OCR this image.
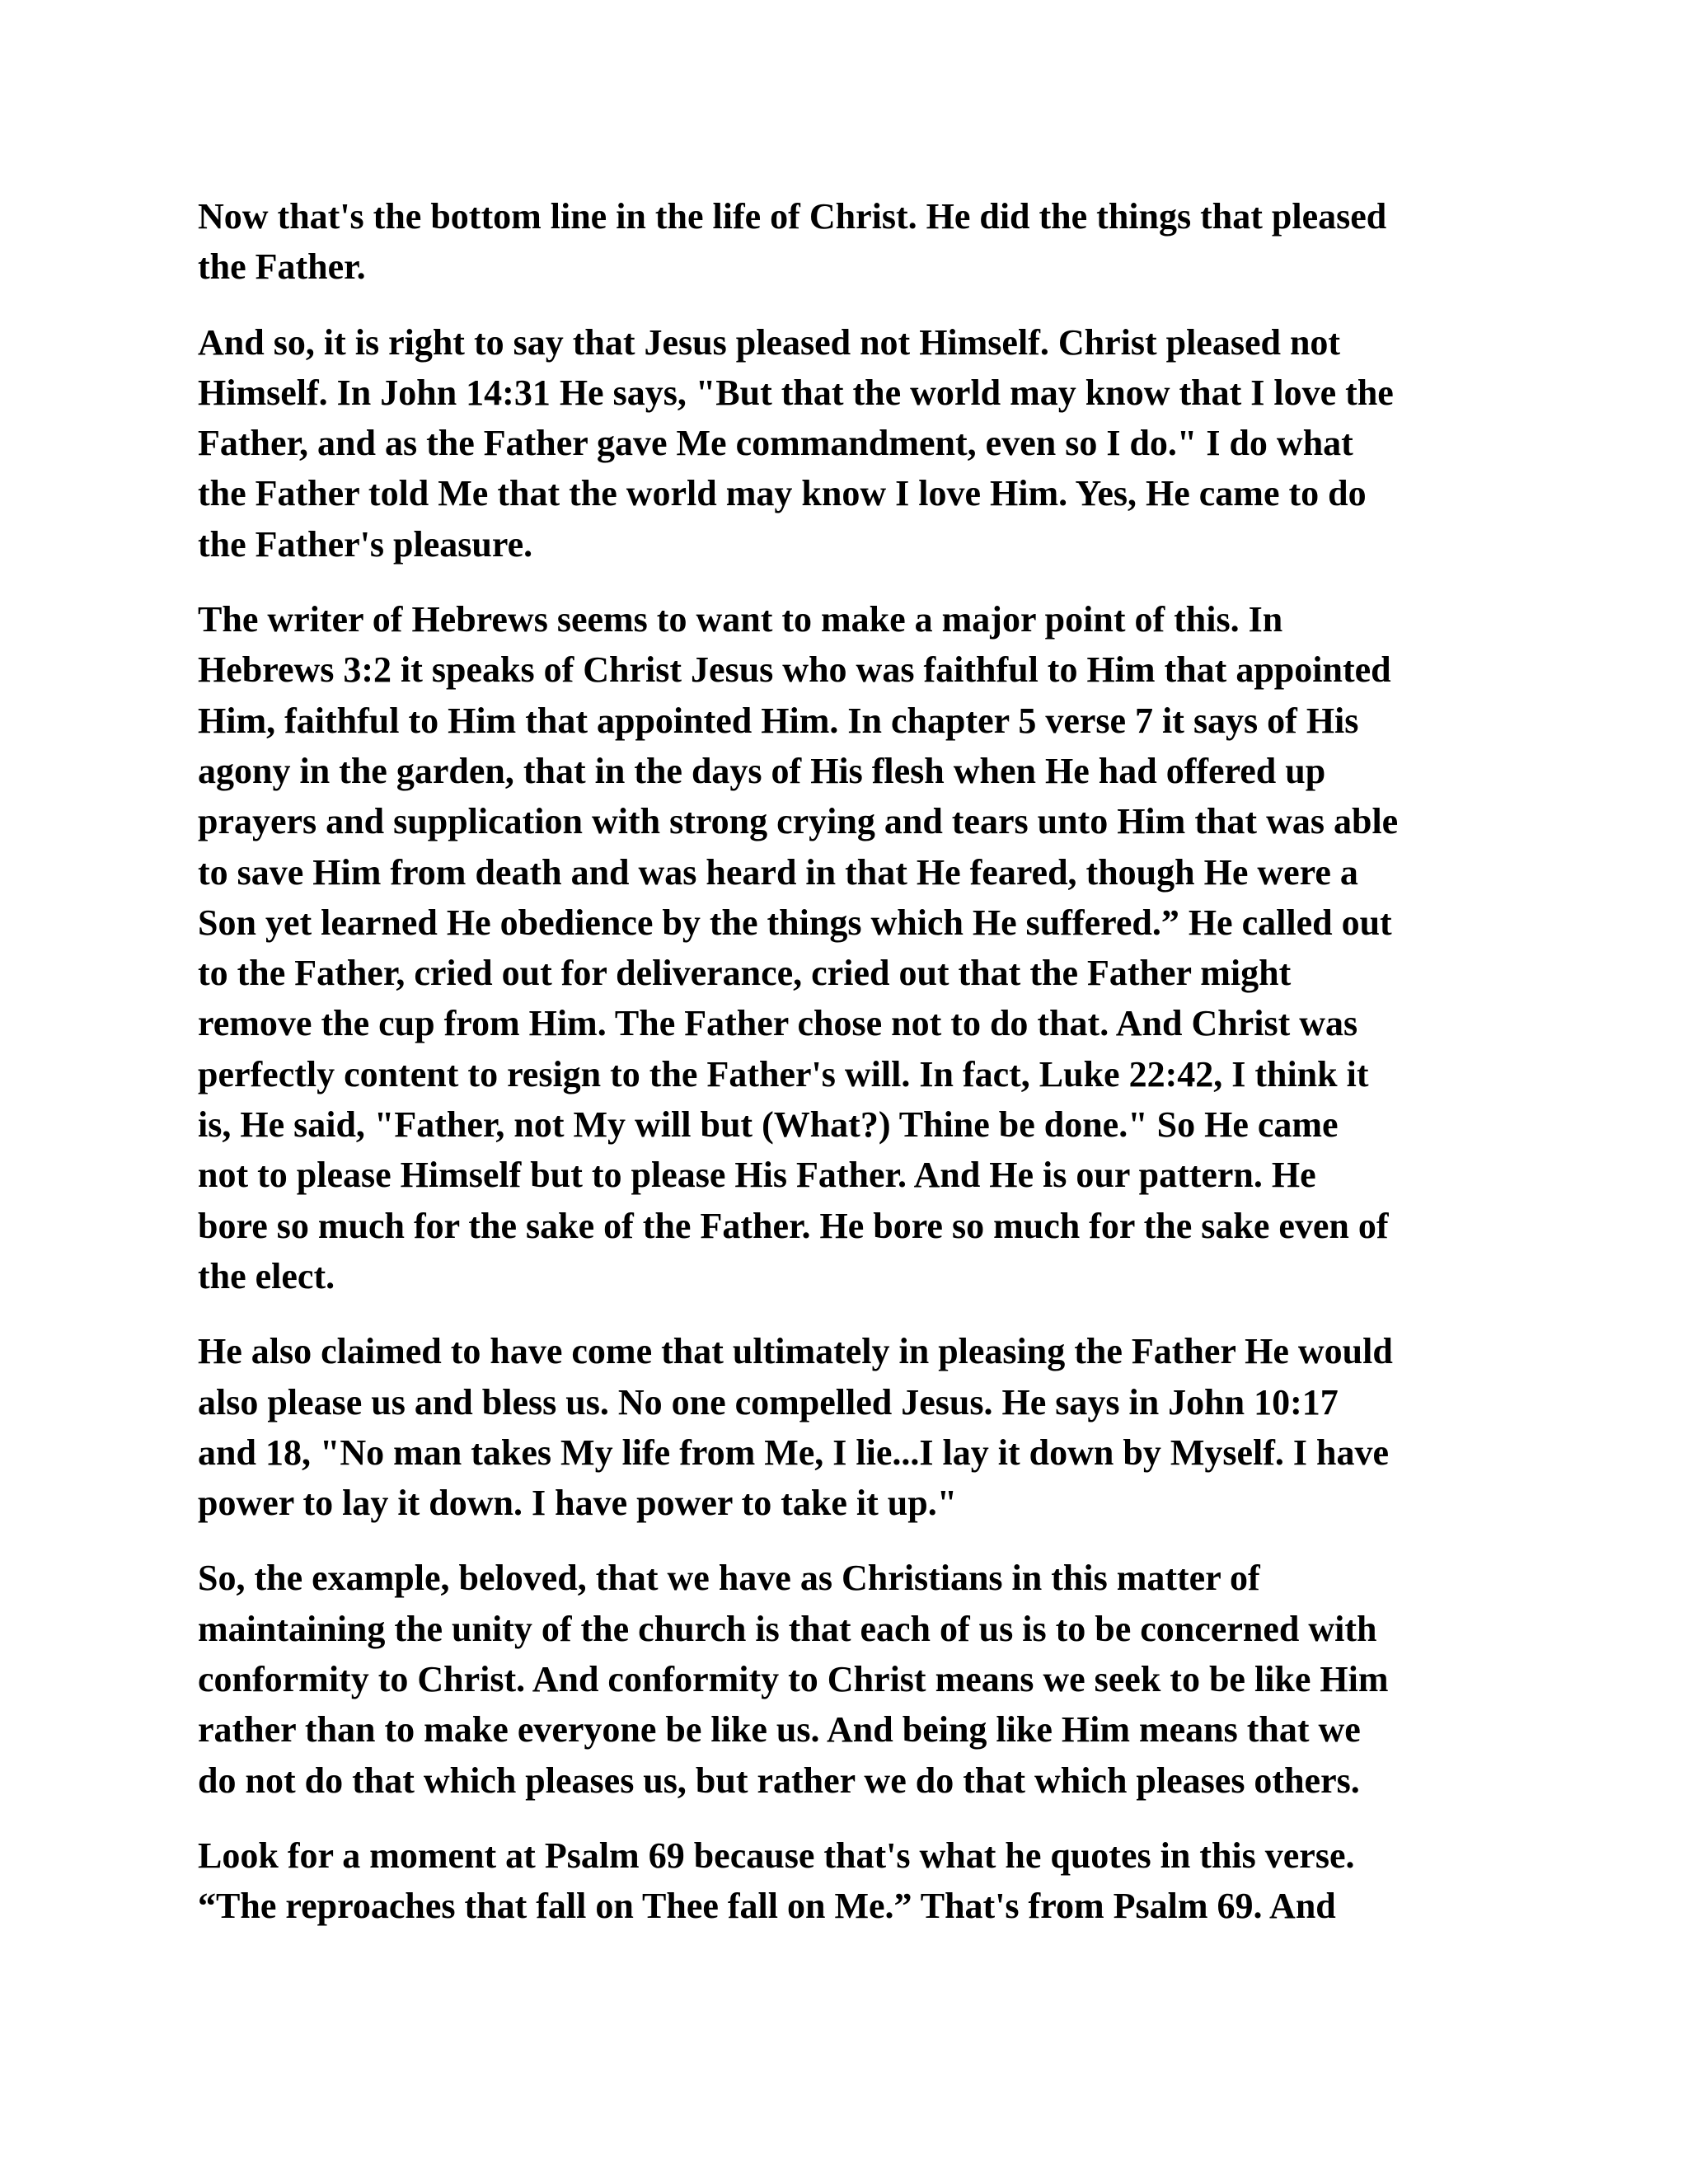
Now that's the bottom line in the life of Christ. He did the things that pleased
the Father.

And so, it is right to say that Jesus pleased not Himself. Christ pleased not
Himself. In John 14:31 He says, "But that the world may know that I love the
Father, and as the Father gave Me commandment, even so I do." I do what
the Father told Me that the world may know I love Him. Yes, He came to do
the Father's pleasure.

The writer of Hebrews seems to want to make a major point of this. In
Hebrews 3:2 it speaks of Christ Jesus who was faithful to Him that appointed
Him, faithful to Him that appointed Him. In chapter 5 verse 7 it says of His
agony in the garden, that in the days of His flesh when He had offered up
prayers and supplication with strong crying and tears unto Him that was able
to save Him from death and was heard in that He feared, though He were a
Son yet learned He obedience by the things which He suffered.” He called out
to the Father, cried out for deliverance, cried out that the Father might
remove the cup from Him. The Father chose not to do that. And Christ was
perfectly content to resign to the Father's will. In fact, Luke 22:42, I think it
is, He said, "Father, not My will but (What?) Thine be done." So He came
not to please Himself but to please His Father. And He is our pattern. He
bore so much for the sake of the Father. He bore so much for the sake even of
the elect.

He also claimed to have come that ultimately in pleasing the Father He would
also please us and bless us. No one compelled Jesus. He says in John 10:17
and 18, "No man takes My life from Me, I lie...I lay it down by Myself. I have
power to lay it down. I have power to take it up."

So, the example, beloved, that we have as Christians in this matter of
maintaining the unity of the church is that each of us is to be concerned with
conformity to Christ. And conformity to Christ means we seek to be like Him
rather than to make everyone be like us. And being like Him means that we
do not do that which pleases us, but rather we do that which pleases others.

Look for a moment at Psalm 69 because that's what he quotes in this verse.
“The reproaches that fall on Thee fall on Me.” That's from Psalm 69. And
